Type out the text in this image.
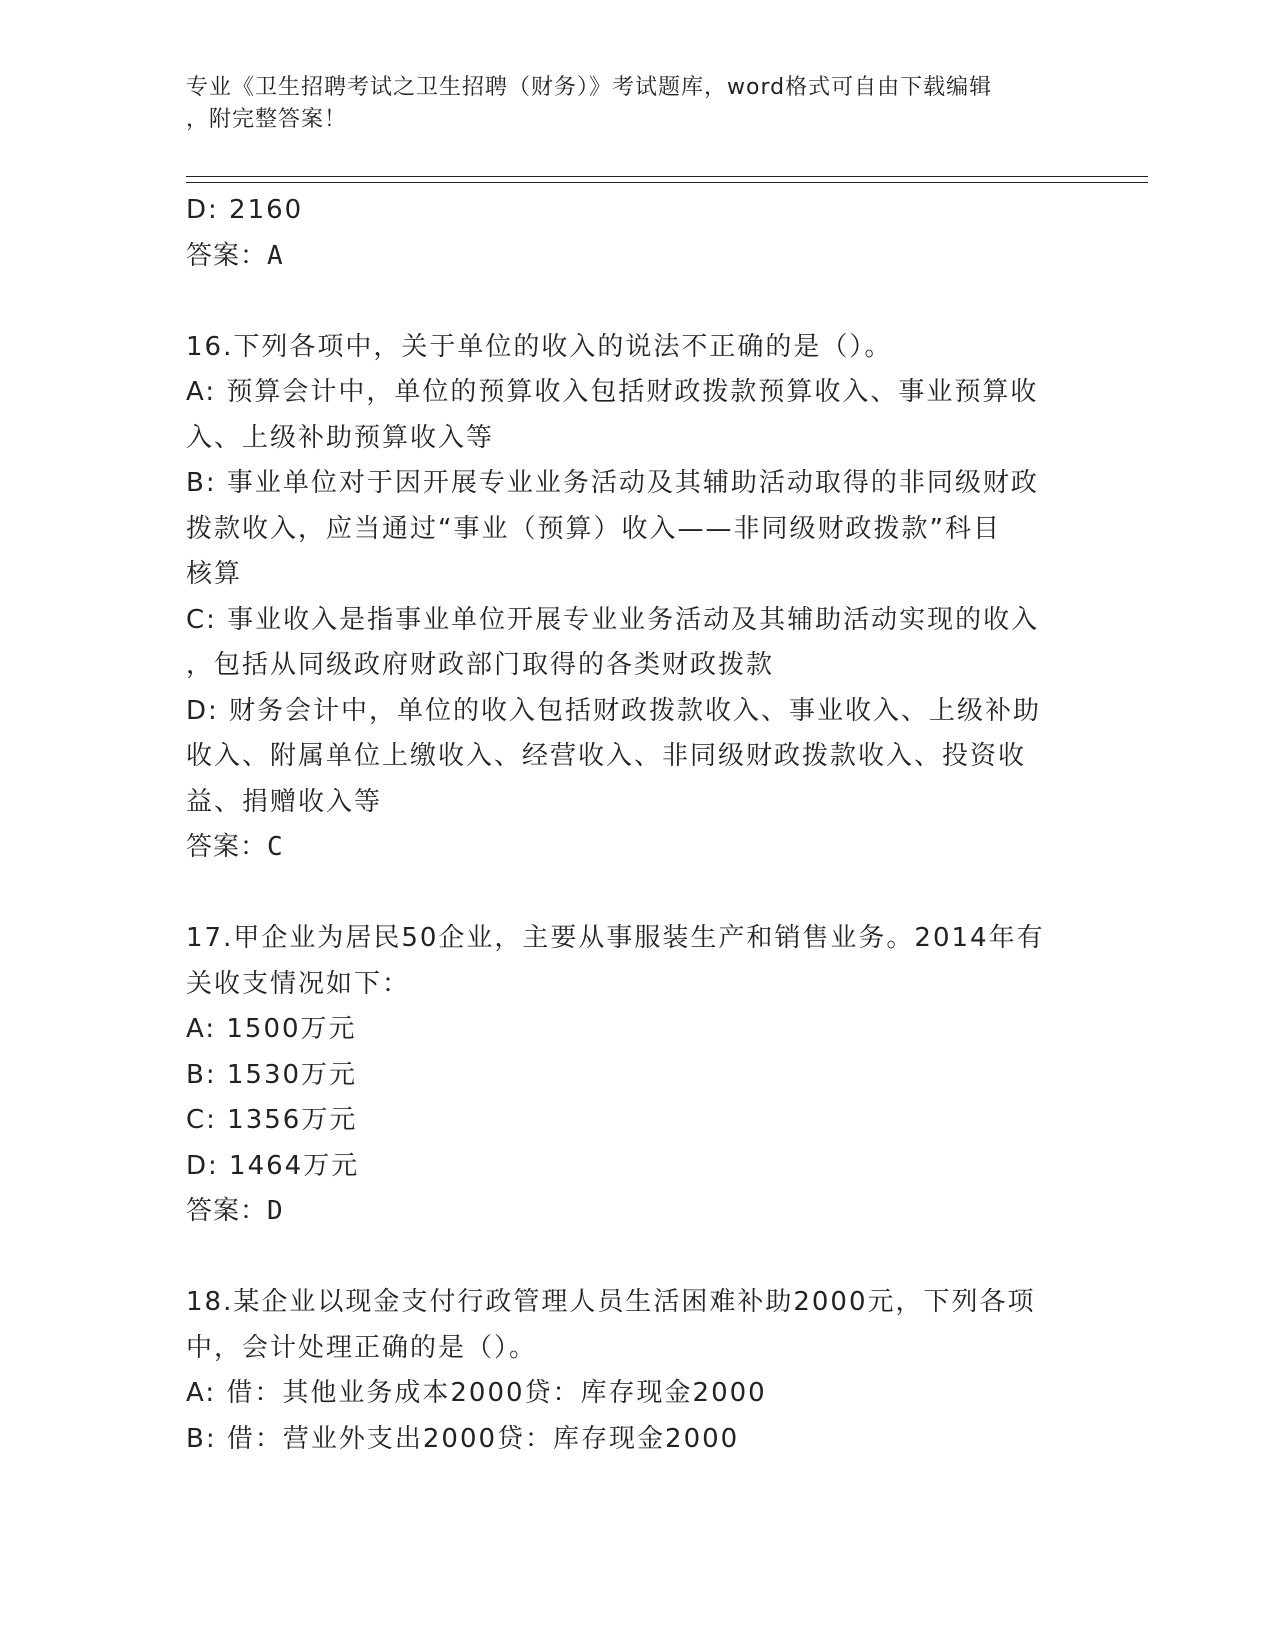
专业《卫生招聘考试之卫生招聘（财务）》考试题库，word格式可自由下载编辑
，附完整答案！
D: 2160
答案：A
16.下列各项中，关于单位的收入的说法不正确的是（）。
A: 预算会计中，单位的预算收入包括财政拨款预算收入、事业预算收
入、上级补助预算收入等
B: 事业单位对于因开展专业业务活动及其辅助活动取得的非同级财政
拨款收入，应当通过“事业（预算）收入——非同级财政拨款”科目
核算
C: 事业收入是指事业单位开展专业业务活动及其辅助活动实现的收入
，包括从同级政府财政部门取得的各类财政拨款
D: 财务会计中，单位的收入包括财政拨款收入、事业收入、上级补助
收入、附属单位上缴收入、经营收入、非同级财政拨款收入、投资收
益、捐赠收入等
答案：C
17.甲企业为居民50企业，主要从事服装生产和销售业务。2014年有
关收支情况如下：
A: 1500万元
B: 1530万元
C: 1356万元
D: 1464万元
答案：D
18.某企业以现金支付行政管理人员生活困难补助2000元，下列各项
中，会计处理正确的是（）。
A: 借：其他业务成本2000贷：库存现金2000
B: 借：营业外支出2000贷：库存现金2000
